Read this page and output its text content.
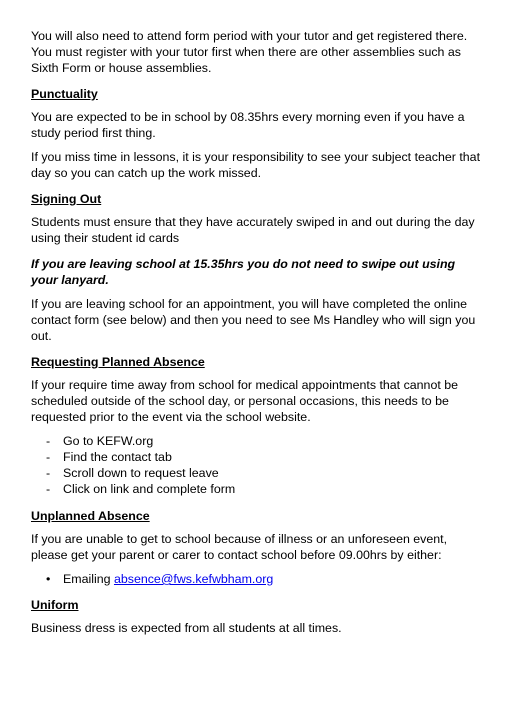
You will also need to attend form period with your tutor and get registered there. You must register with your tutor first when there are other assemblies such as Sixth Form or house assemblies.

Punctuality

You are expected to be in school by 08.35hrs every morning even if you have a study period first thing.

If you miss time in lessons, it is your responsibility to see your subject teacher that day so you can catch up the work missed.

Signing Out

Students must ensure that they have accurately swiped in and out during the day using their student id cards

If you are leaving school at 15.35hrs you do not need to swipe out using your lanyard.

If you are leaving school for an appointment, you will have completed the online contact form (see below) and then you need to see Ms Handley who will sign you out.

Requesting Planned Absence

If your require time away from school for medical appointments that cannot be scheduled outside of the school day, or personal occasions, this needs to be requested prior to the event via the school website.

- Go to KEFW.org
- Find the contact tab
- Scroll down to request leave
- Click on link and complete form

Unplanned Absence

If you are unable to get to school because of illness or an unforeseen event, please get your parent or carer to contact school before 09.00hrs by either:

• Emailing absence@fws.kefwbham.org

Uniform

Business dress is expected from all students at all times.
